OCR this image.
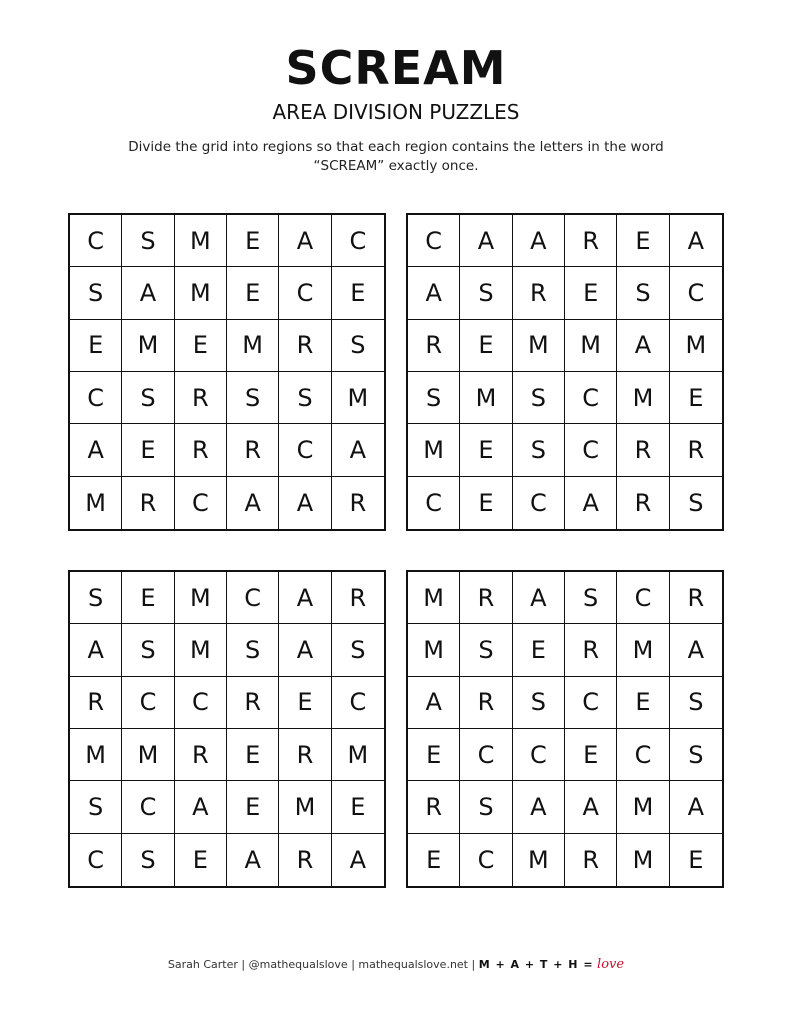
SCREAM
AREA DIVISION PUZZLES
Divide the grid into regions so that each region contains the letters in the word “SCREAM” exactly once.
C	S	M	E	A	C
S	A	M	E	C	E
E	M	E	M	R	S
C	S	R	S	S	M
A	E	R	R	C	A
M	R	C	A	A	R
C	A	A	R	E	A
A	S	R	E	S	C
R	E	M	M	A	M
S	M	S	C	M	E
M	E	S	C	R	R
C	E	C	A	R	S
S	E	M	C	A	R
A	S	M	S	A	S
R	C	C	R	E	C
M	M	R	E	R	M
S	C	A	E	M	E
C	S	E	A	R	A
M	R	A	S	C	R
M	S	E	R	M	A
A	R	S	C	E	S
E	C	C	E	C	S
R	S	A	A	M	A
E	C	M	R	M	E
Sarah Carter | @mathequalslove | mathequalslove.net | M + A + T + H = love
